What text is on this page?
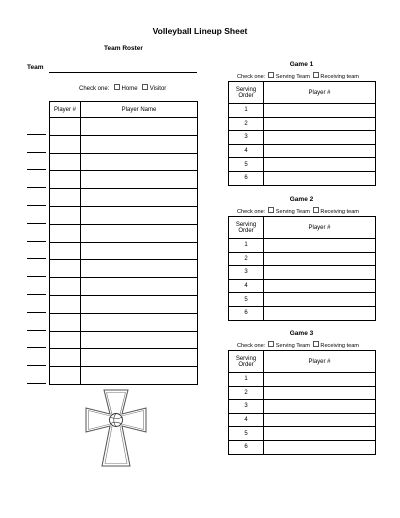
Volleyball Lineup Sheet
Team Roster
Team
Check one: Home Visitor
Player #	Player Name

Game 1
Check one: Serving Team Receiving team
Serving
Order	Player #
1	
2	
3	
4	
5	
6	
Game 2
Check one: Serving Team Receiving team
Serving
Order	Player #
1	
2	
3	
4	
5	
6	
Game 3
Check one: Serving Team Receiving team
Serving
Order	Player #
1	
2	
3	
4	
5	
6	
